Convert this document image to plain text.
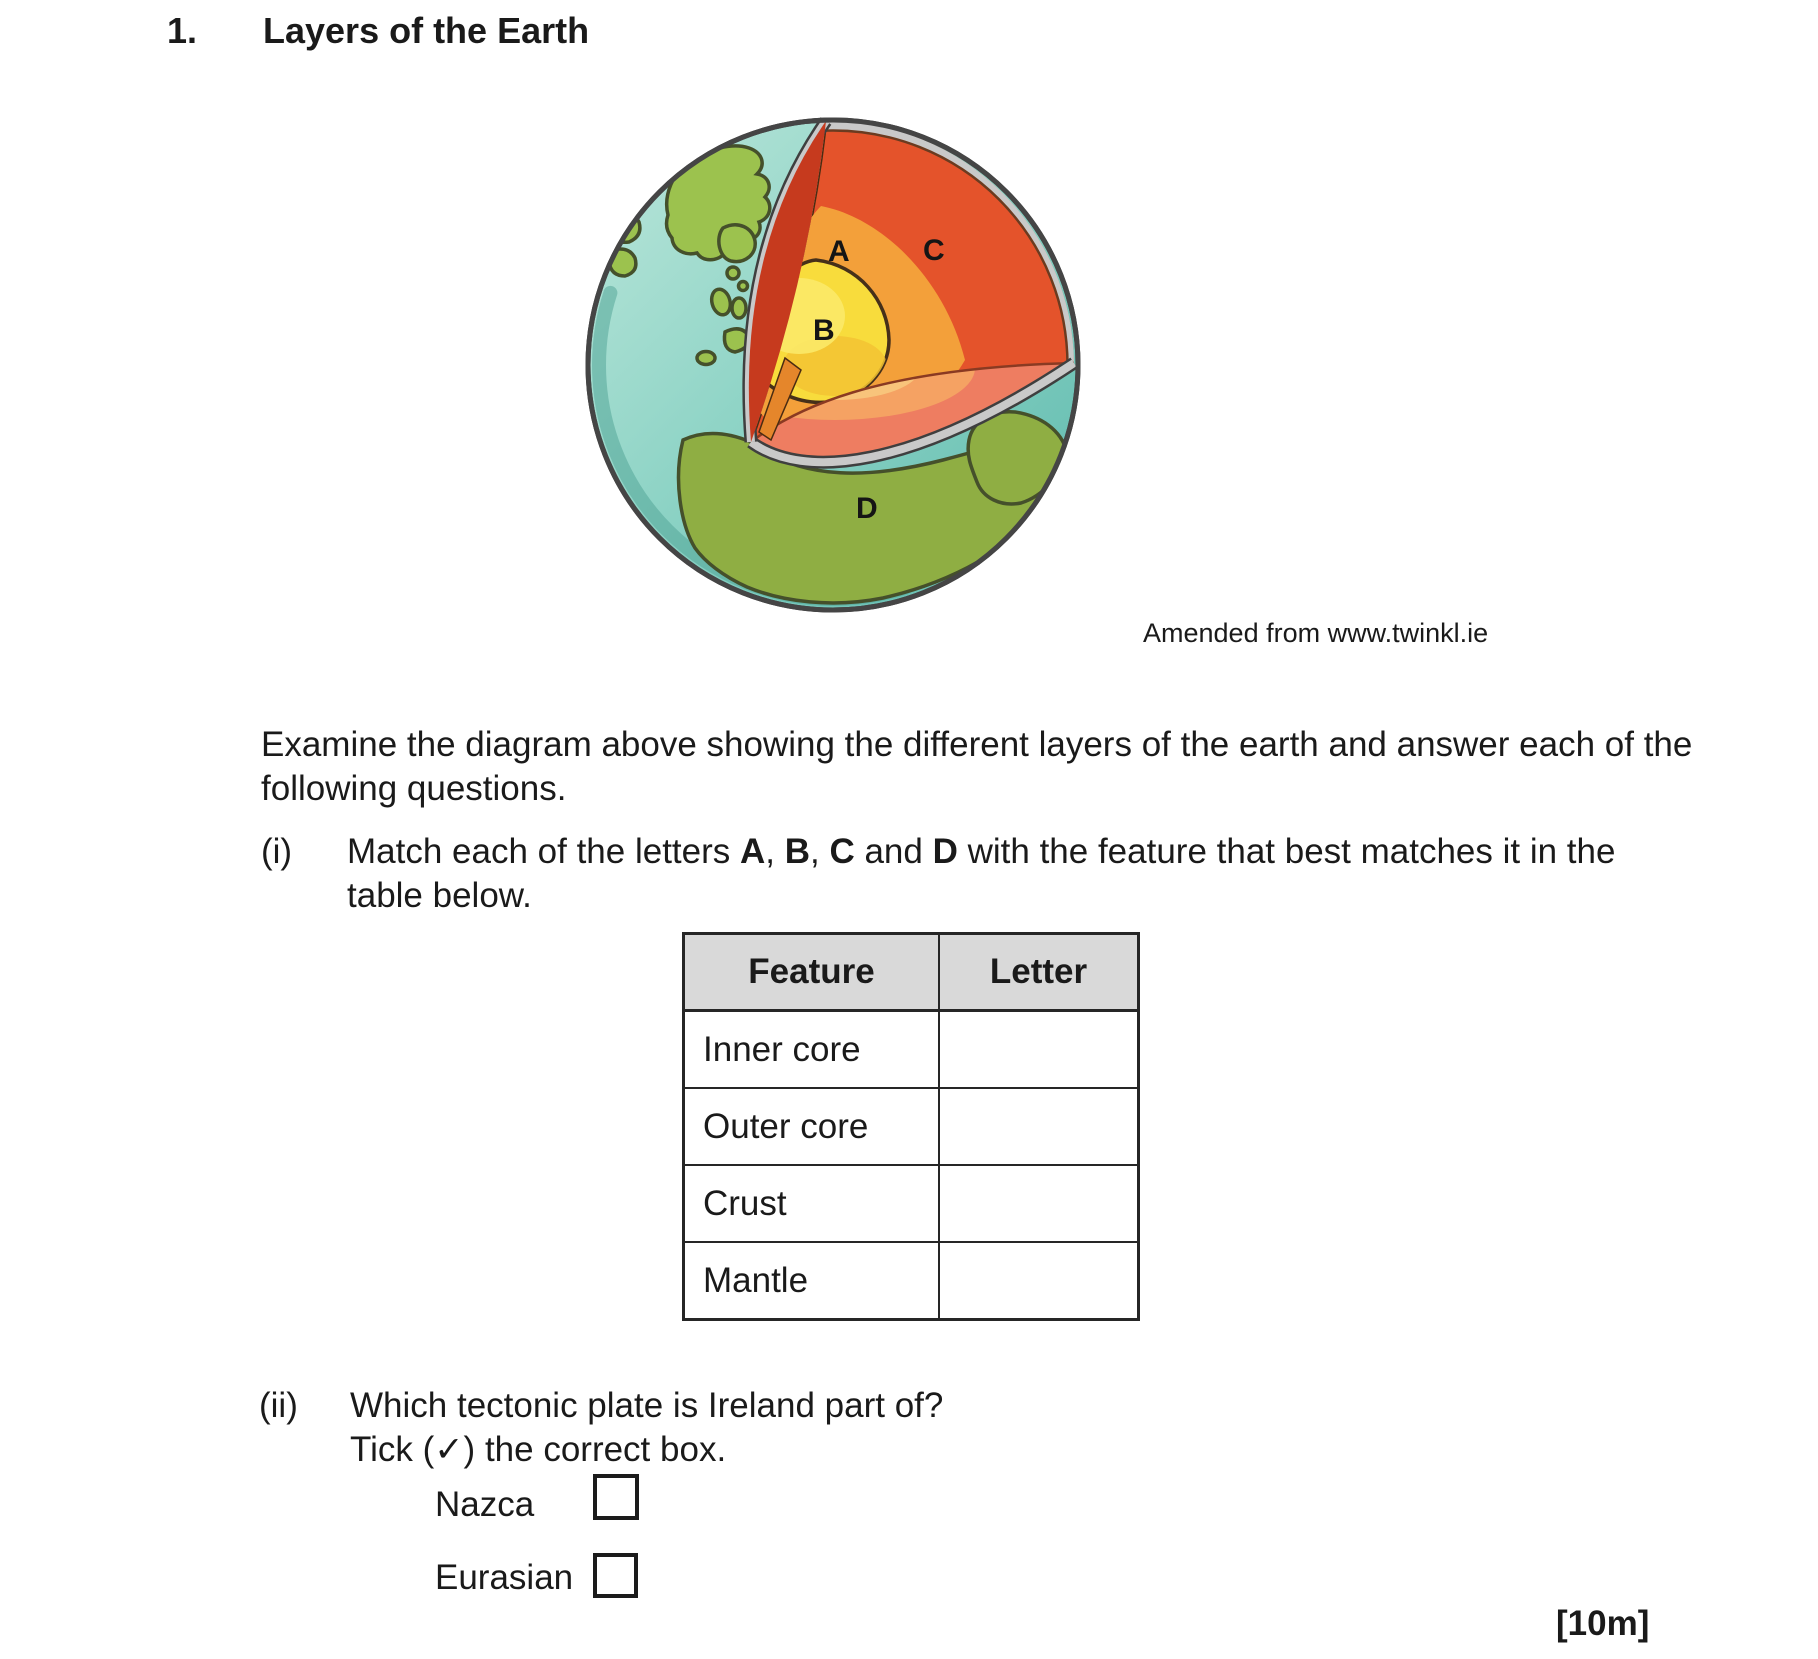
1. Layers of the Earth
A C
B
D
Amended from www.twinkl.ie
Examine the diagram above showing the different layers of the earth and answer each of the
following questions.
(i) Match each of the letters A, B, C and D with the feature that best matches it in the
table below.
Feature	Letter
Inner core	
Outer core	
Crust	
Mantle	
(ii) Which tectonic plate is Ireland part of?
Tick (✓) the correct box.
Nazca
Eurasian
[10m]
